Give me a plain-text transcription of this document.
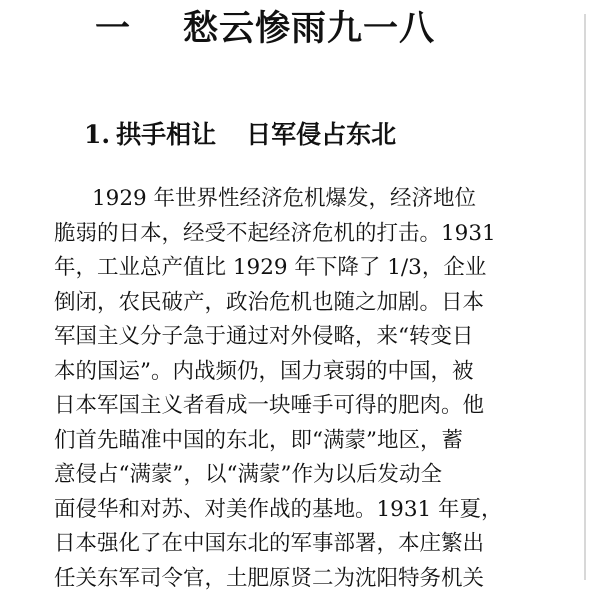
一 愁云惨雨九一八
1. 拱手相让 日军侵占东北
1929 年世界性经济危机爆发，经济地位
脆弱的日本，经受不起经济危机的打击。1931
年，工业总产值比 1929 年下降了 1/3，企业
倒闭，农民破产，政治危机也随之加剧。日本
军国主义分子急于通过对外侵略，来“转变日
本的国运”。内战频仍，国力衰弱的中国，被
日本军国主义者看成一块唾手可得的肥肉。他
们首先瞄准中国的东北，即“满蒙”地区，蓄
意侵占“满蒙”，以“满蒙”作为以后发动全
面侵华和对苏、对美作战的基地。1931 年夏，
日本强化了在中国东北的军事部署，本庄繁出
任关东军司令官，土肥原贤二为沈阳特务机关
